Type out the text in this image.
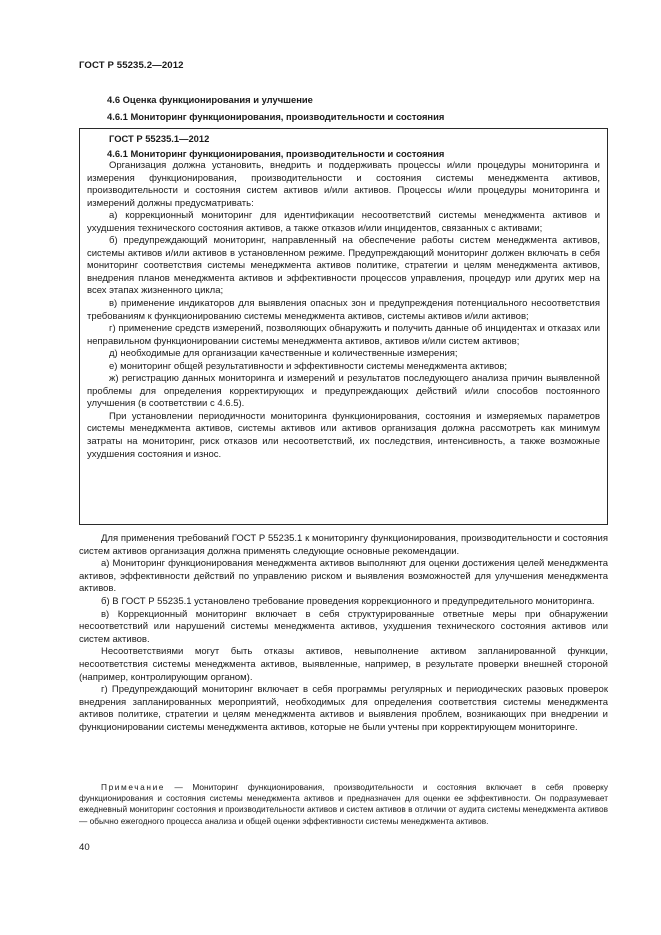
ГОСТ Р 55235.2—2012
4.6 Оценка функционирования и улучшение
4.6.1 Мониторинг функционирования, производительности и состояния
ГОСТ Р 55235.1—2012
4.6.1 Мониторинг функционирования, производительности и состояния

Организация должна установить, внедрить и поддерживать процессы и/или процедуры мониторинга и измерения функционирования, производительности и состояния системы менеджмента активов, производительности и состояния систем активов и/или активов. Процессы и/или процедуры мониторинга и измерений должны предусматривать:

а) коррекционный мониторинг для идентификации несоответствий системы менеджмента активов и ухудшения технического состояния активов, а также отказов и/или инцидентов, связанных с активами;

б) предупреждающий мониторинг, направленный на обеспечение работы систем менеджмента активов, системы активов и/или активов в установленном режиме. Предупреждающий мониторинг должен включать в себя мониторинг соответствия системы менеджмента активов политике, стратегии и целям менеджмента активов, внедрения планов менеджмента активов и эффективности процессов управления, процедур или других мер на всех этапах жизненного цикла;

в) применение индикаторов для выявления опасных зон и предупреждения потенциального несоответствия требованиям к функционированию системы менеджмента активов, системы активов и/или активов;

г) применение средств измерений, позволяющих обнаружить и получить данные об инцидентах и отказах или неправильном функционировании системы менеджмента активов, активов и/или систем активов;

д) необходимые для организации качественные и количественные измерения;

е) мониторинг общей результативности и эффективности системы менеджмента активов;

ж) регистрацию данных мониторинга и измерений и результатов последующего анализа причин выявленной проблемы для определения корректирующих и предупреждающих действий и/или способов постоянного улучшения (в соответствии с 4.6.5).

При установлении периодичности мониторинга функционирования, состояния и измеряемых параметров системы менеджмента активов, системы активов или активов организация должна рассмотреть как минимум затраты на мониторинг, риск отказов или несоответствий, их последствия, интенсивность, а также возможные ухудшения состояния и износ.

Для применения требований ГОСТ Р 55235.1 к мониторингу функционирования, производительности и состояния систем активов организация должна применять следующие основные рекомендации.

а) Мониторинг функционирования менеджмента активов выполняют для оценки достижения целей менеджмента активов, эффективности действий по управлению риском и выявления возможностей для улучшения менеджмента активов.

б) В ГОСТ Р 55235.1 установлено требование проведения коррекционного и предупредительного мониторинга.

в) Коррекционный мониторинг включает в себя структурированные ответные меры при обнаружении несоответствий или нарушений системы менеджмента активов, ухудшения технического состояния активов или систем активов.

Несоответствиями могут быть отказы активов, невыполнение активом запланированной функции, несоответствия системы менеджмента активов, выявленные, например, в результате проверки внешней стороной (например, контролирующим органом).

г) Предупреждающий мониторинг включает в себя программы регулярных и периодических разовых проверок внедрения запланированных мероприятий, необходимых для определения соответствия системы менеджмента активов политике, стратегии и целям менеджмента активов и выявления проблем, возникающих при внедрении и функционировании системы менеджмента активов, которые не были учтены при корректирующем мониторинге.

Примечание — Мониторинг функционирования, производительности и состояния включает в себя проверку функционирования и состояния системы менеджмента активов и предназначен для оценки ее эффективности. Он подразумевает ежедневный мониторинг состояния и производительности активов и систем активов в отличии от аудита системы менеджмента активов — обычно ежегодного процесса анализа и общей оценки эффективности системы менеджмента активов.

40
